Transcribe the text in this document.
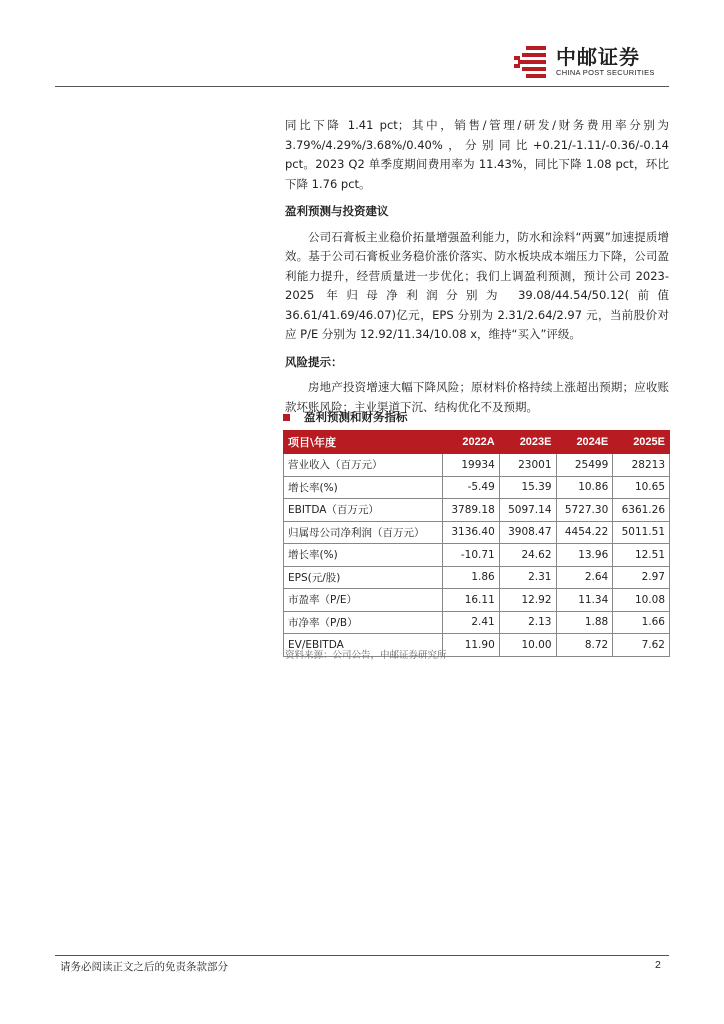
中邮证券
CHINA POST SECURITIES

同比下降 1.41 pct；其中，销售/管理/研发/财务费用率分别为3.79%/4.29%/3.68%/0.40%，分别同比+0.21/-1.11/-0.36/-0.14 pct。2023 Q2 单季度期间费用率为 11.43%，同比下降 1.08 pct，环比下降 1.76 pct。

盈利预测与投资建议

公司石膏板主业稳价拓量增强盈利能力，防水和涂料“两翼”加速提质增效。基于公司石膏板业务稳价涨价落实、防水板块成本端压力下降，公司盈利能力提升，经营质量进一步优化；我们上调盈利预测，预计公司 2023-2025 年归母净利润分别为 39.08/44.54/50.12(前值 36.61/41.69/46.07)亿元，EPS 分别为 2.31/2.64/2.97 元，当前股价对应 P/E 分别为 12.92/11.34/10.08 x，维持“买入”评级。

风险提示：

房地产投资增速大幅下降风险；原材料价格持续上涨超出预期；应收账款坏账风险；主业渠道下沉、结构优化不及预期。

盈利预测和财务指标
项目\年度	2022A	2023E	2024E	2025E
营业收入（百万元）	19934	23001	25499	28213
增长率(%)	-5.49	15.39	10.86	10.65
EBITDA（百万元）	3789.18	5097.14	5727.30	6361.26
归属母公司净利润（百万元）	3136.40	3908.47	4454.22	5011.51
增长率(%)	-10.71	24.62	13.96	12.51
EPS(元/股)	1.86	2.31	2.64	2.97
市盈率（P/E）	16.11	12.92	11.34	10.08
市净率（P/B）	2.41	2.13	1.88	1.66
EV/EBITDA	11.90	10.00	8.72	7.62
资料来源：公司公告，中邮证券研究所
请务必阅读正文之后的免责条款部分	2
